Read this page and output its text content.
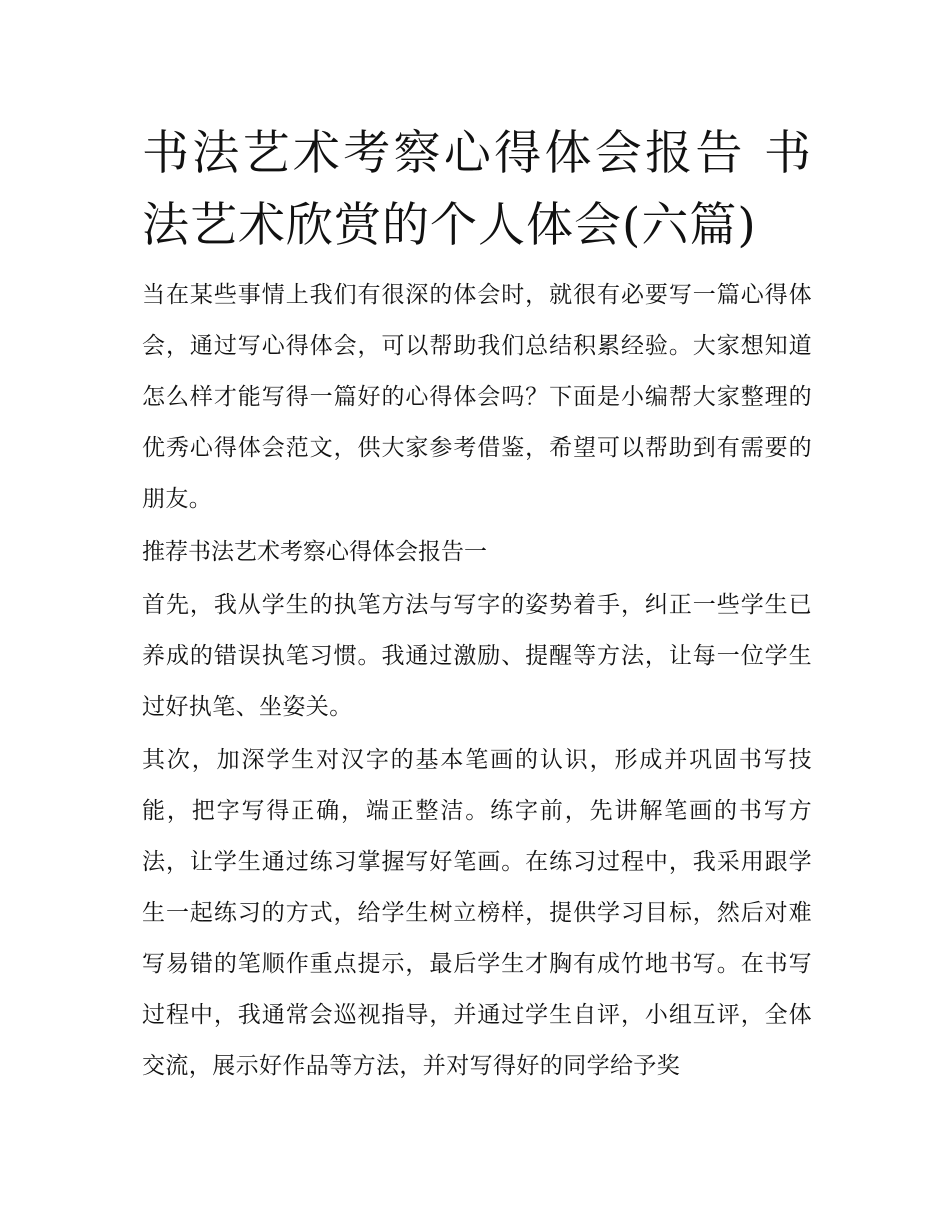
书法艺术考察心得体会报告 书法艺术欣赏的个人体会(六篇)

当在某些事情上我们有很深的体会时，就很有必要写一篇心得体会，通过写心得体会，可以帮助我们总结积累经验。大家想知道怎么样才能写得一篇好的心得体会吗？下面是小编帮大家整理的优秀心得体会范文，供大家参考借鉴，希望可以帮助到有需要的朋友。

推荐书法艺术考察心得体会报告一

首先，我从学生的执笔方法与写字的姿势着手，纠正一些学生已养成的错误执笔习惯。我通过激励、提醒等方法，让每一位学生过好执笔、坐姿关。

其次，加深学生对汉字的基本笔画的认识，形成并巩固书写技能，把字写得正确，端正整洁。练字前，先讲解笔画的书写方法，让学生通过练习掌握写好笔画。在练习过程中，我采用跟学生一起练习的方式，给学生树立榜样，提供学习目标，然后对难写易错的笔顺作重点提示，最后学生才胸有成竹地书写。在书写过程中，我通常会巡视指导，并通过学生自评，小组互评，全体交流，展示好作品等方法，并对写得好的同学给予奖
